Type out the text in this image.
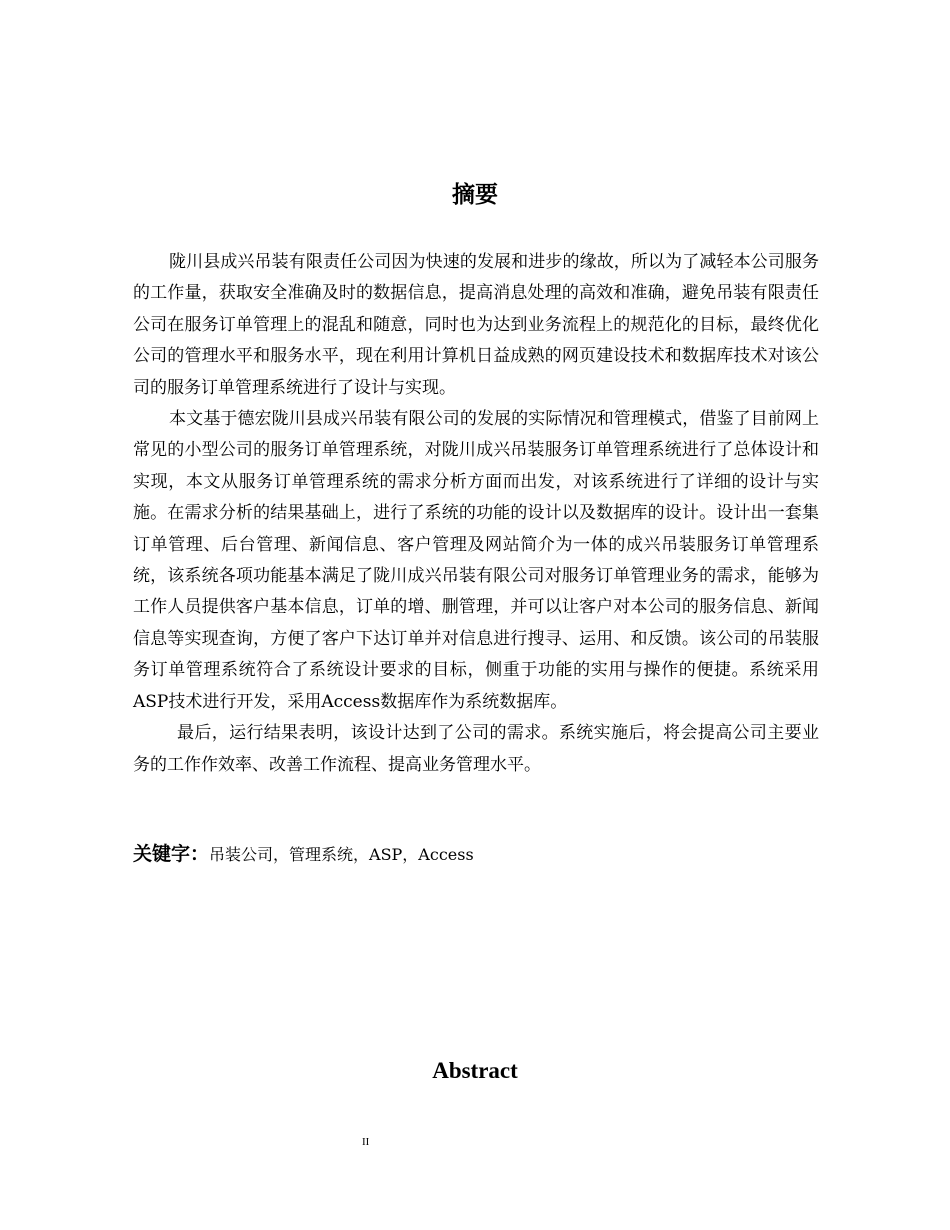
摘要

陇川县成兴吊装有限责任公司因为快速的发展和进步的缘故，所以为了减轻本公司服务的工作量，获取安全准确及时的数据信息，提高消息处理的高效和准确，避免吊装有限责任公司在服务订单管理上的混乱和随意，同时也为达到业务流程上的规范化的目标，最终优化公司的管理水平和服务水平，现在利用计算机日益成熟的网页建设技术和数据库技术对该公司的服务订单管理系统进行了设计与实现。

本文基于德宏陇川县成兴吊装有限公司的发展的实际情况和管理模式，借鉴了目前网上常见的小型公司的服务订单管理系统，对陇川成兴吊装服务订单管理系统进行了总体设计和实现，本文从服务订单管理系统的需求分析方面而出发，对该系统进行了详细的设计与实施。在需求分析的结果基础上，进行了系统的功能的设计以及数据库的设计。设计出一套集订单管理、后台管理、新闻信息、客户管理及网站简介为一体的成兴吊装服务订单管理系统，该系统各项功能基本满足了陇川成兴吊装有限公司对服务订单管理业务的需求，能够为工作人员提供客户基本信息，订单的增、删管理，并可以让客户对本公司的服务信息、新闻信息等实现查询，方便了客户下达订单并对信息进行搜寻、运用、和反馈。该公司的吊装服务订单管理系统符合了系统设计要求的目标，侧重于功能的实用与操作的便捷。系统采用ASP技术进行开发，采用Access数据库作为系统数据库。

最后，运行结果表明，该设计达到了公司的需求。系统实施后，将会提高公司主要业务的工作作效率、改善工作流程、提高业务管理水平。

关键字：吊装公司，管理系统，ASP，Access
Abstract
II
